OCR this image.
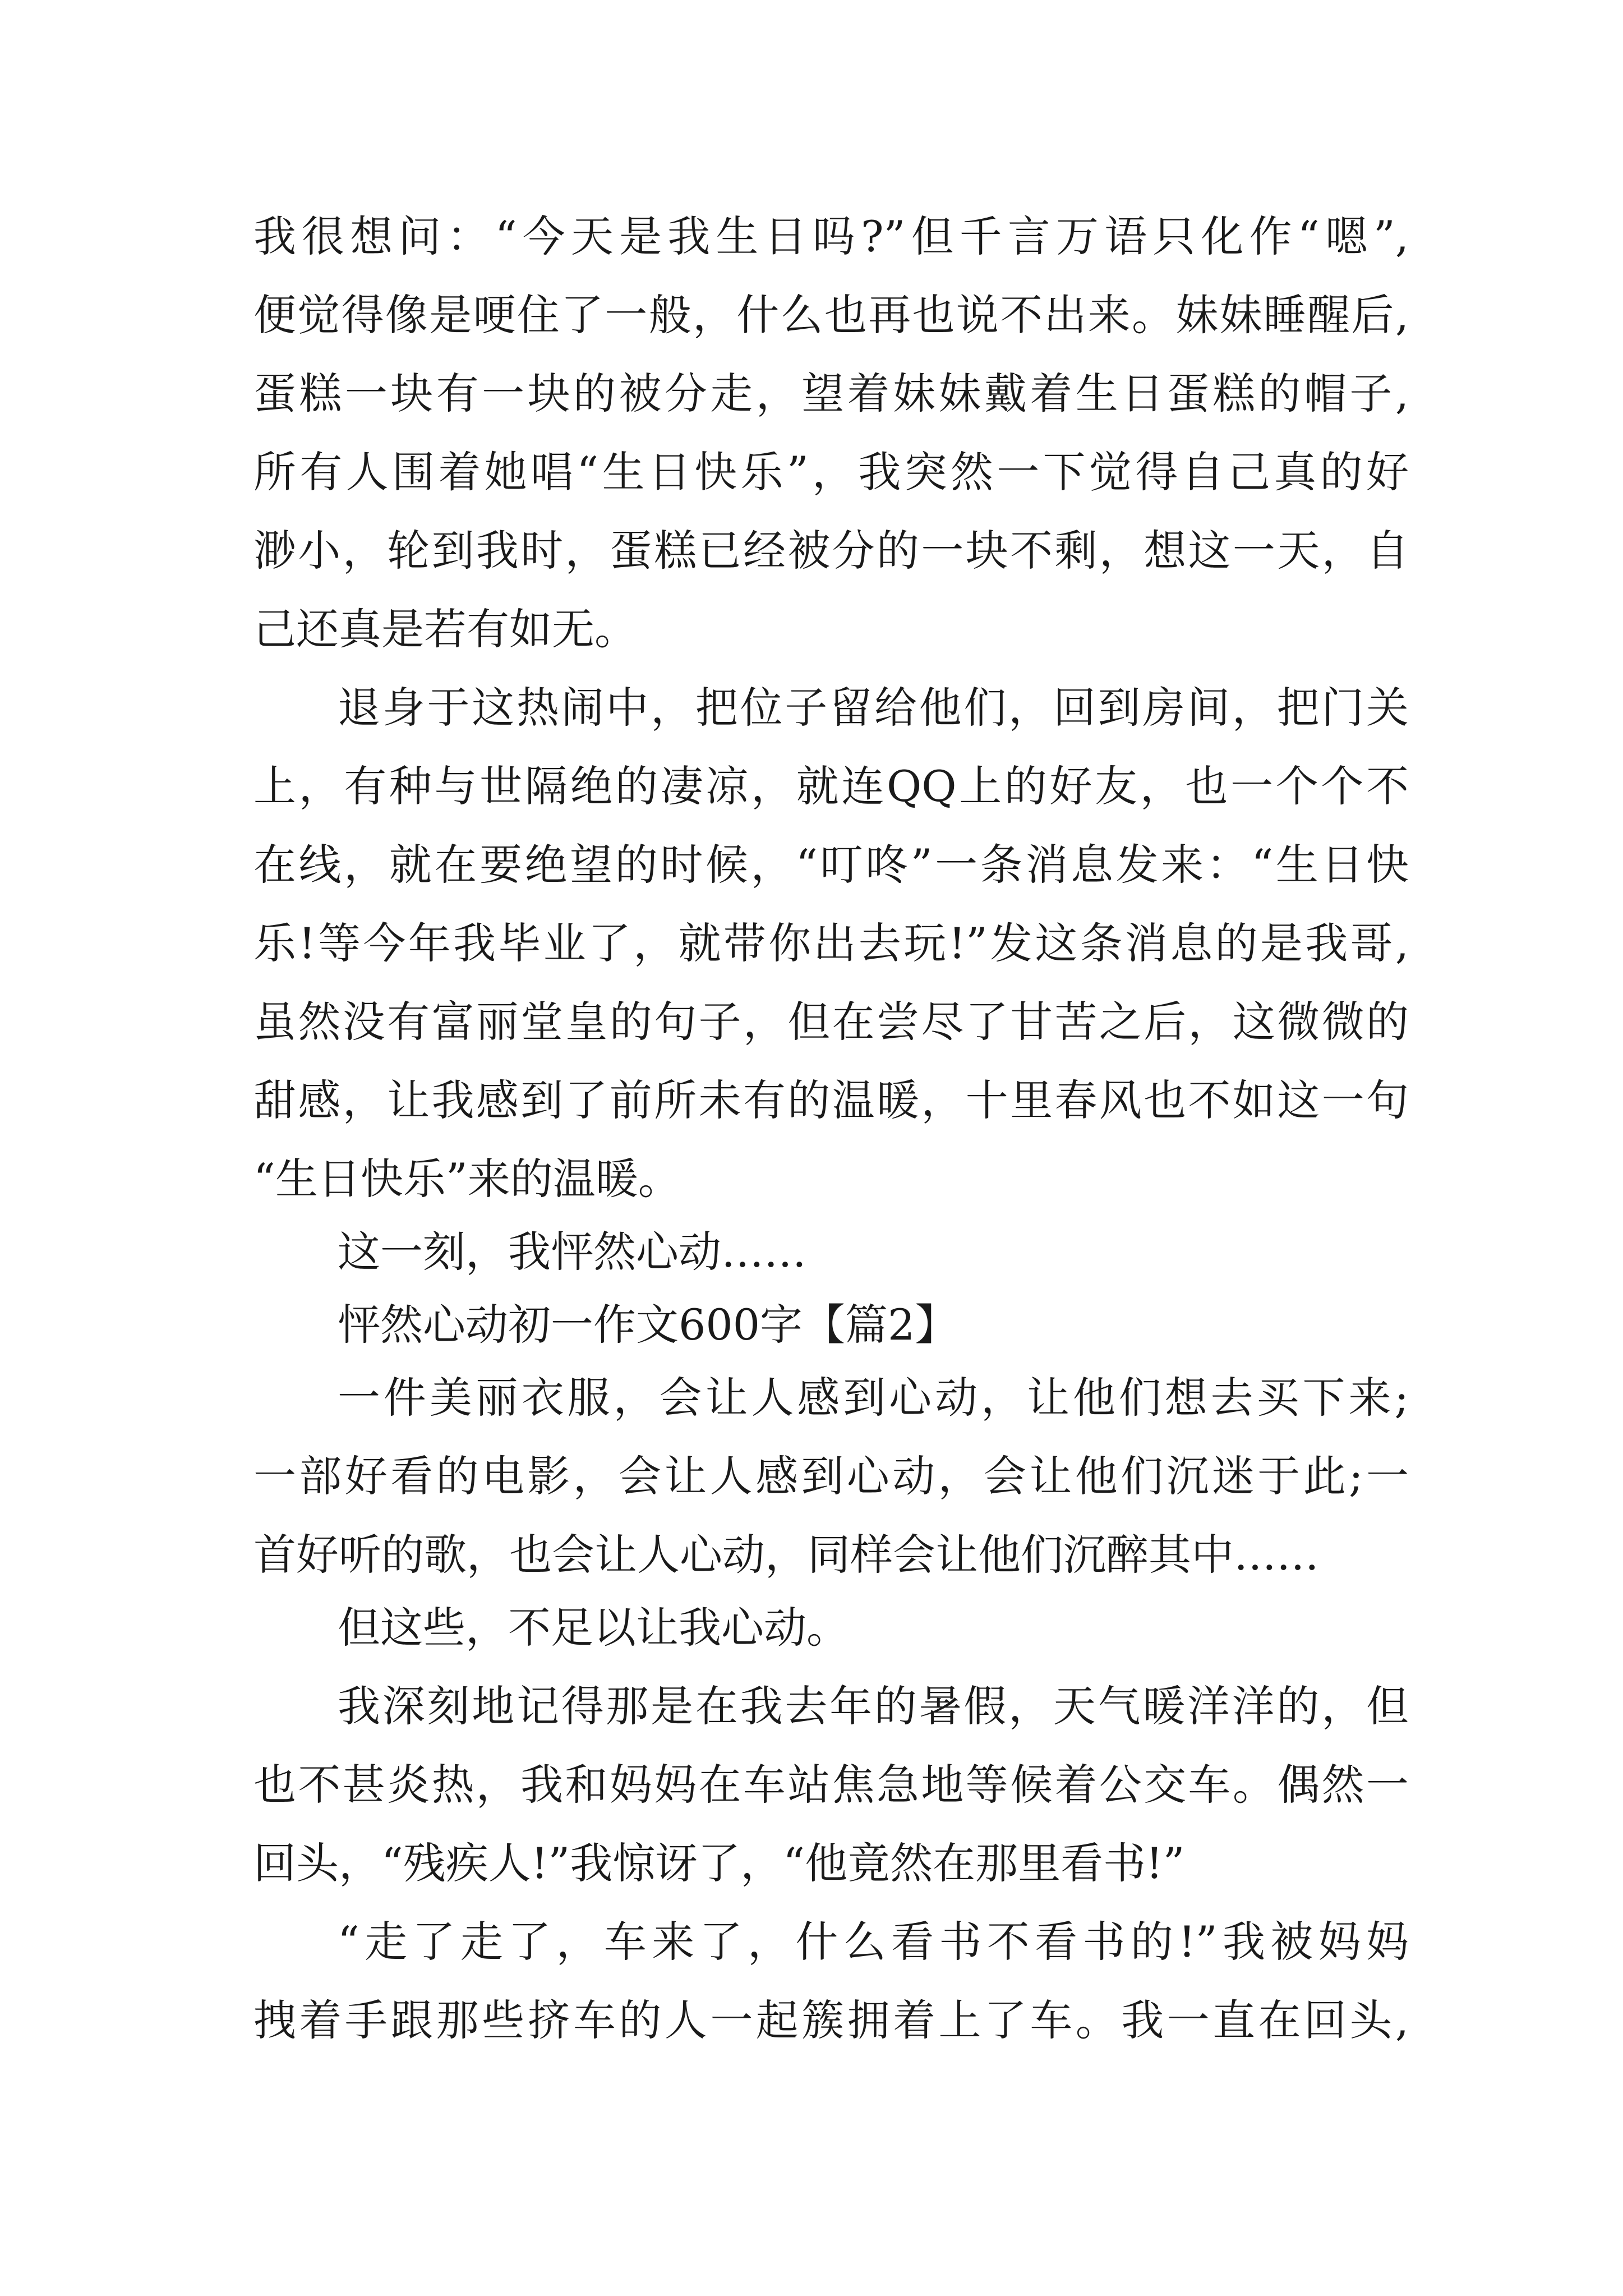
我很想问：“今天是我生日吗?”但千言万语只化作“嗯”,
便觉得像是哽住了一般，什么也再也说不出来。妹妹睡醒后,
蛋糕一块有一块的被分走，望着妹妹戴着生日蛋糕的帽子,
所有人围着她唱“生日快乐”，我突然一下觉得自己真的好
渺小，轮到我时，蛋糕已经被分的一块不剩，想这一天，自
己还真是若有如无。
退身于这热闹中，把位子留给他们，回到房间，把门关
上，有种与世隔绝的凄凉，就连QQ上的好友，也一个个不
在线，就在要绝望的时候，“叮咚”一条消息发来：“生日快
乐!等今年我毕业了，就带你出去玩!”发这条消息的是我哥,
虽然没有富丽堂皇的句子，但在尝尽了甘苦之后，这微微的
甜感，让我感到了前所未有的温暖，十里春风也不如这一句
“生日快乐”来的温暖。
这一刻，我怦然心动……
怦然心动初一作文600字【篇2】
一件美丽衣服，会让人感到心动，让他们想去买下来;
一部好看的电影，会让人感到心动，会让他们沉迷于此;一
首好听的歌，也会让人心动，同样会让他们沉醉其中……
但这些，不足以让我心动。
我深刻地记得那是在我去年的暑假，天气暖洋洋的，但
也不甚炎热，我和妈妈在车站焦急地等候着公交车。偶然一
回头，“残疾人!”我惊讶了，“他竟然在那里看书!”
“走了走了，车来了，什么看书不看书的!”我被妈妈
拽着手跟那些挤车的人一起簇拥着上了车。我一直在回头,
